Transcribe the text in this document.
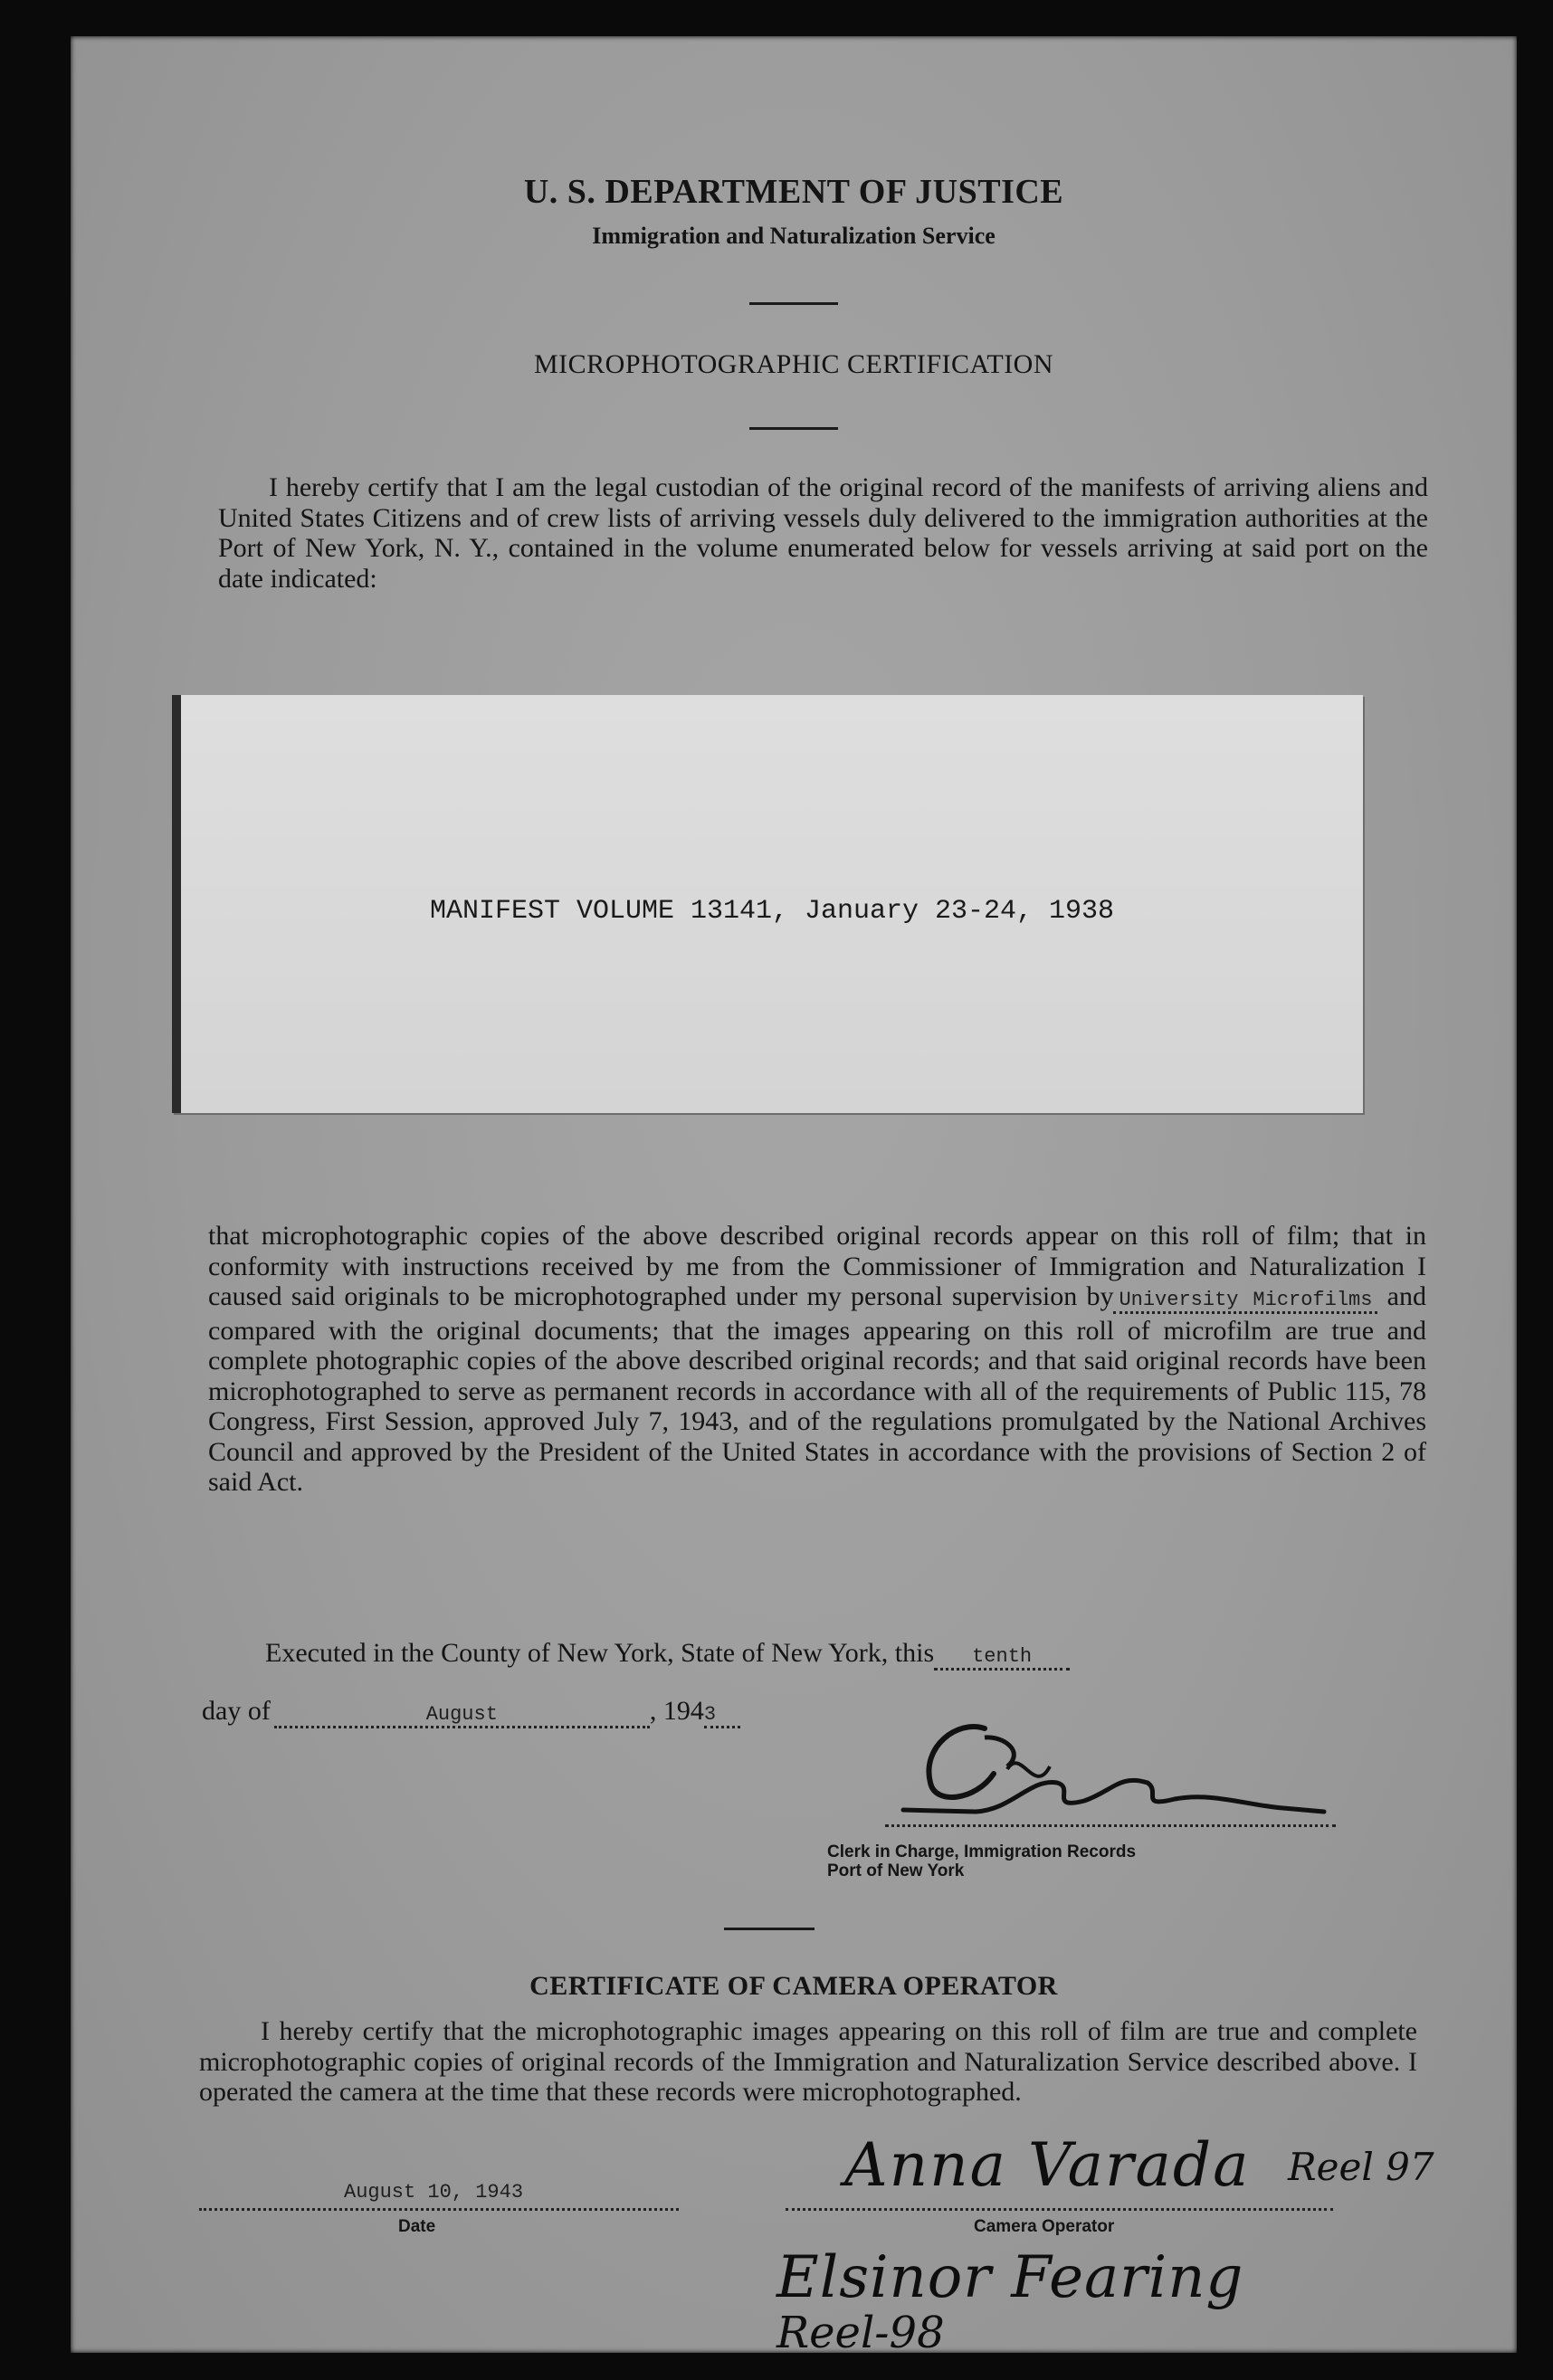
U. S. DEPARTMENT OF JUSTICE
Immigration and Naturalization Service
MICROPHOTOGRAPHIC CERTIFICATION
I hereby certify that I am the legal custodian of the original record of the manifests of arriving aliens and United States Citizens and of crew lists of arriving vessels duly delivered to the immigration authorities at the Port of New York, N. Y., contained in the volume enumerated below for vessels arriving at said port on the date indicated:
MANIFEST VOLUME 13141, January 23-24, 1938
that microphotographic copies of the above described original records appear on this roll of film; that in conformity with instructions received by me from the Commissioner of Immigration and Naturalization I caused said originals to be microphotographed under my personal supervision by University Microfilms and compared with the original documents; that the images appearing on this roll of microfilm are true and complete photographic copies of the above described original records; and that said original records have been microphotographed to serve as permanent records in accordance with all of the requirements of Public 115, 78 Congress, First Session, approved July 7, 1943, and of the regulations promulgated by the National Archives Council and approved by the President of the United States in accordance with the provisions of Section 2 of said Act.
Executed in the County of New York, State of New York, this tenth
day of	August	, 1943
Clerk in Charge, Immigration Records
Port of New York
CERTIFICATE OF CAMERA OPERATOR
I hereby certify that the microphotographic images appearing on this roll of film are true and complete microphotographic copies of original records of the Immigration and Naturalization Service described above. I operated the camera at the time that these records were microphotographed.
August 10, 1943
Date
Anna Varada Reel 97
Camera Operator
Elsinor Fearing
Reel-98
